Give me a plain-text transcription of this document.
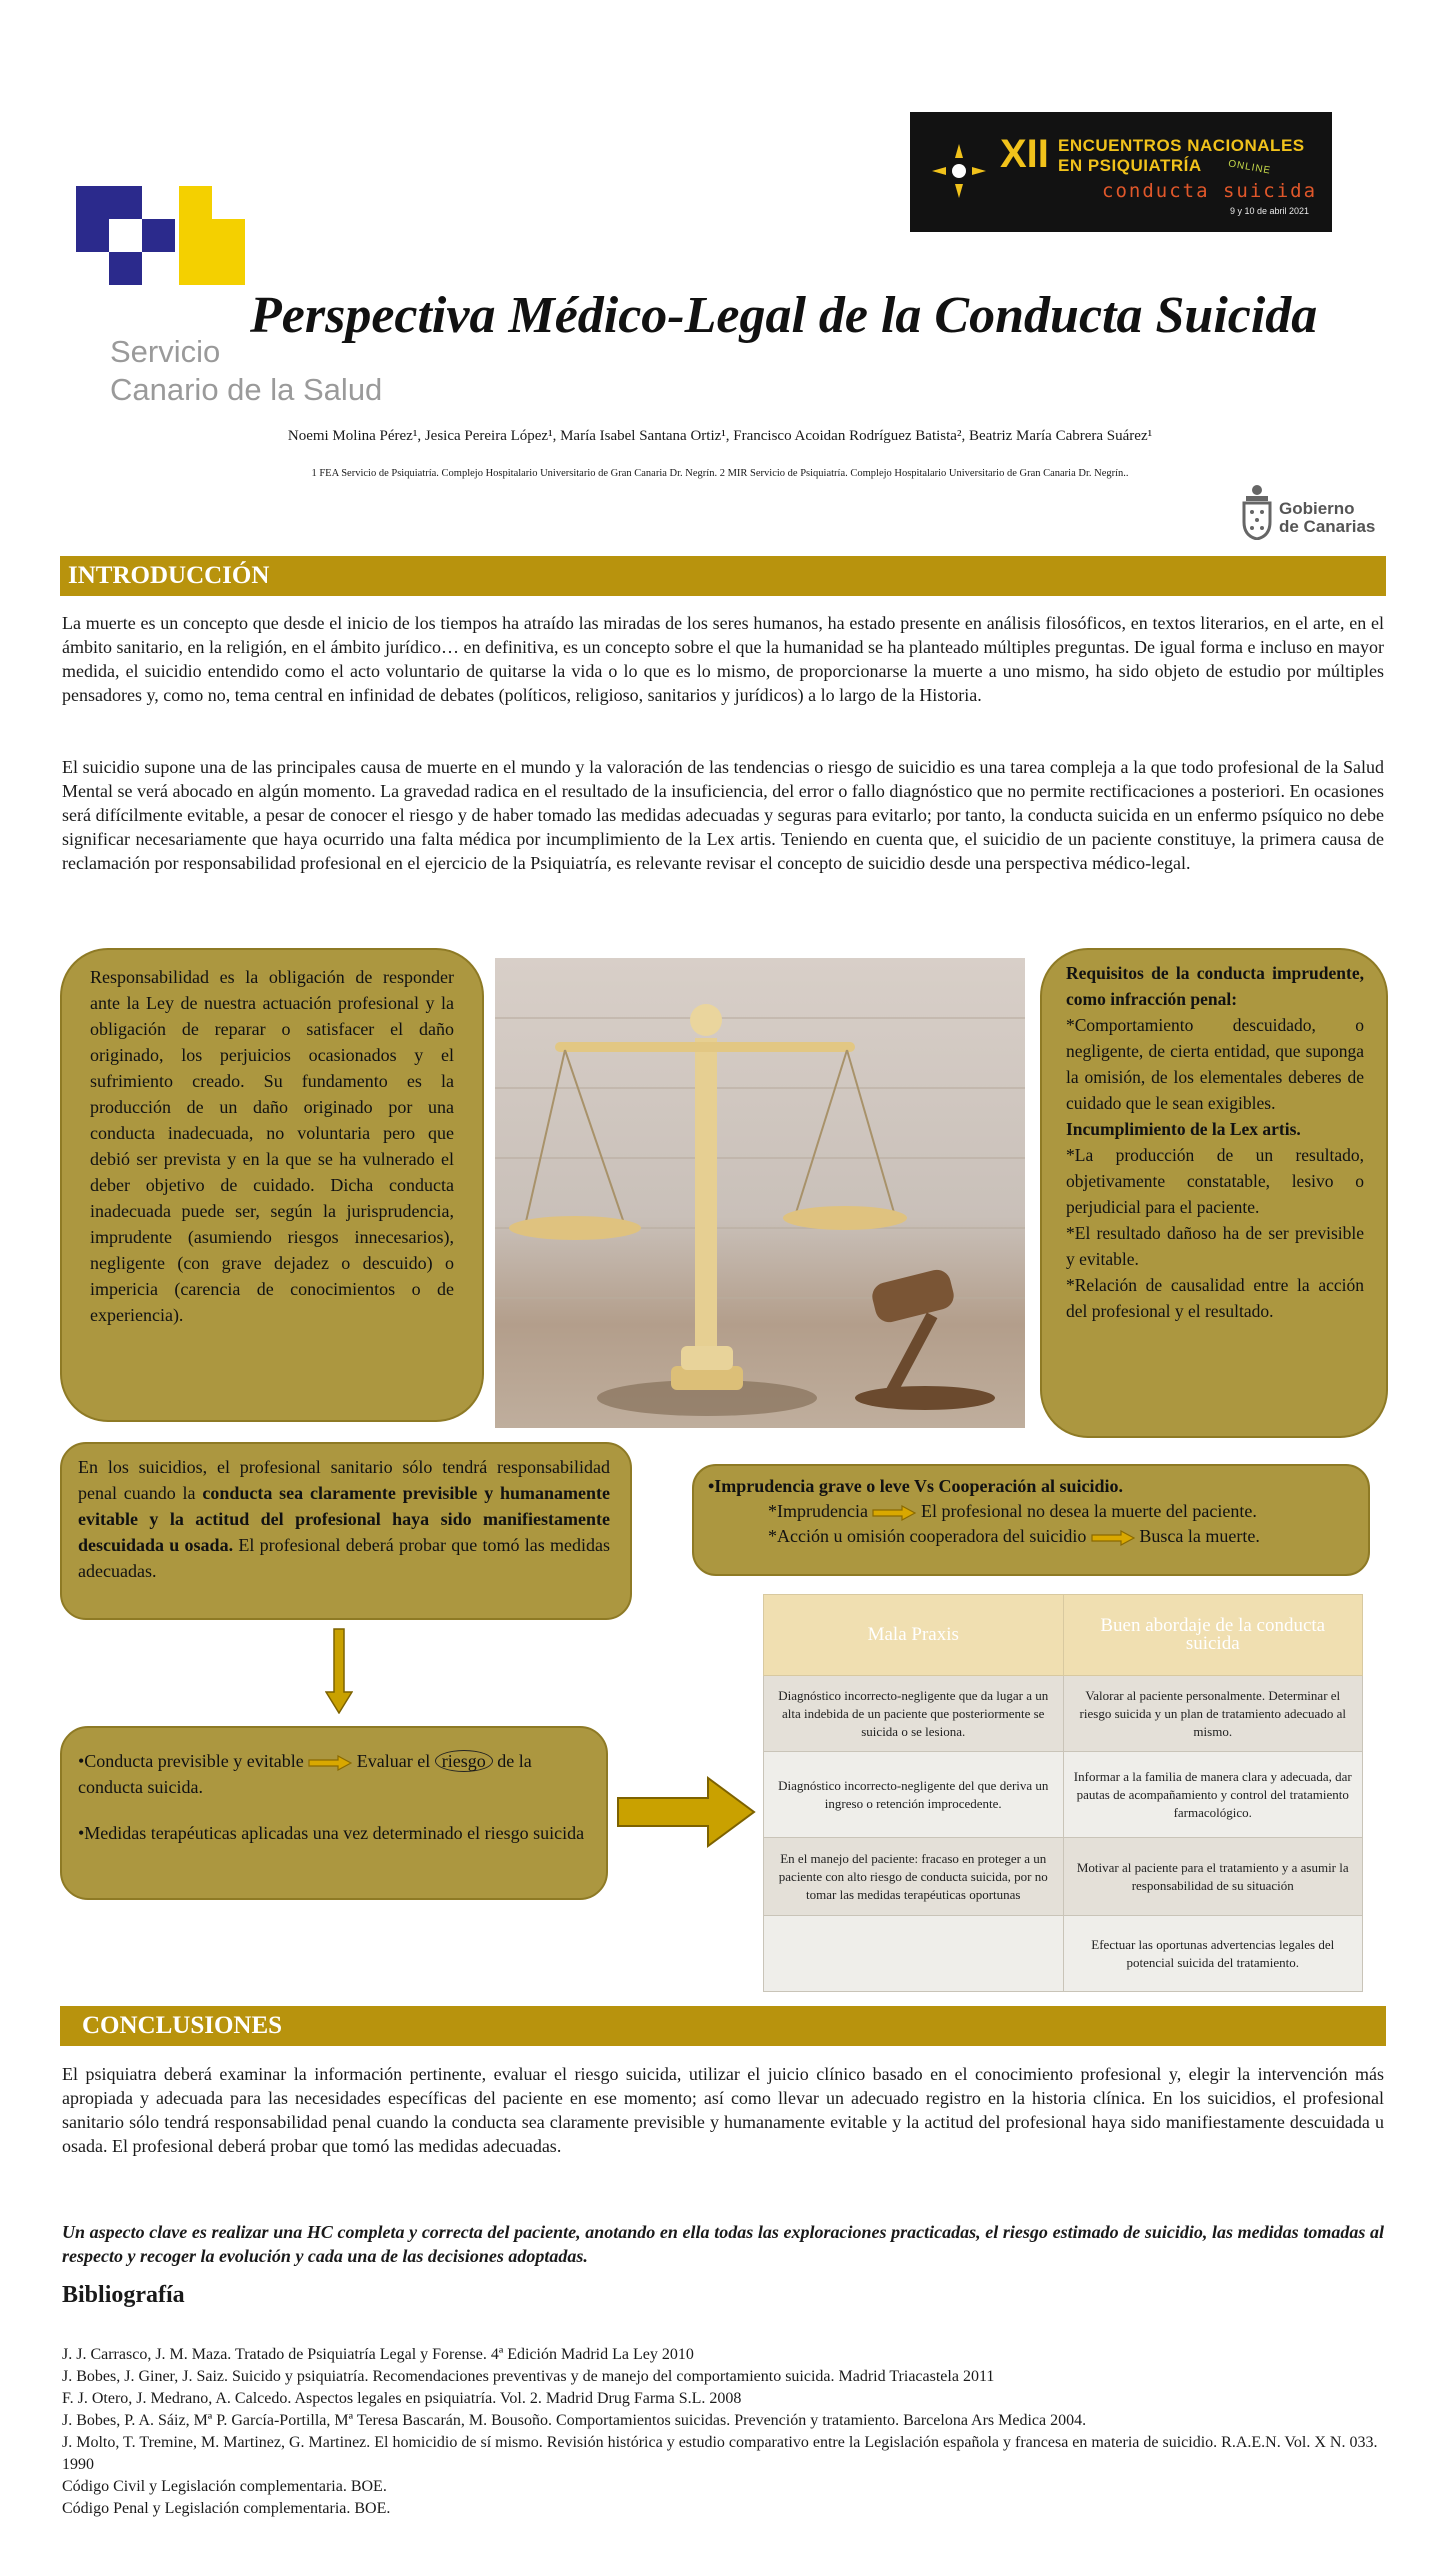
Servicio
Canario de la Salud
XII ENCUENTROS NACIONALES
EN PSIQUIATRÍA	ONLINE
conducta suicida
9 y 10 de abril 2021
Perspectiva Médico-Legal de la Conducta Suicida
Noemi Molina Pérez¹, Jesica Pereira López¹, María Isabel Santana Ortiz¹, Francisco Acoidan Rodríguez Batista², Beatriz María Cabrera Suárez¹
1 FEA Servicio de Psiquiatría. Complejo Hospitalario Universitario de Gran Canaria Dr. Negrín. 2 MIR Servicio de Psiquiatría. Complejo Hospitalario Universitario de Gran Canaria Dr. Negrín..
Gobierno
de Canarias
INTRODUCCIÓN
La muerte es un concepto que desde el inicio de los tiempos ha atraído las miradas de los seres humanos, ha estado presente en análisis filosóficos, en textos literarios, en el arte, en el ámbito sanitario, en la religión, en el ámbito jurídico… en definitiva, es un concepto sobre el que la humanidad se ha planteado múltiples preguntas. De igual forma e incluso en mayor medida, el suicidio entendido como el acto voluntario de quitarse la vida o lo que es lo mismo, de proporcionarse la muerte a uno mismo, ha sido objeto de estudio por múltiples pensadores y, como no, tema central en infinidad de debates (políticos, religioso, sanitarios y jurídicos) a lo largo de la Historia.
El suicidio supone una de las principales causa de muerte en el mundo y la valoración de las tendencias o riesgo de suicidio es una tarea compleja a la que todo profesional de la Salud Mental se verá abocado en algún momento. La gravedad radica en el resultado de la insuficiencia, del error o fallo diagnóstico que no permite rectificaciones a posteriori. En ocasiones será difícilmente evitable, a pesar de conocer el riesgo y de haber tomado las medidas adecuadas y seguras para evitarlo; por tanto, la conducta suicida en un enfermo psíquico no debe significar necesariamente que haya ocurrido una falta médica por incumplimiento de la Lex artis. Teniendo en cuenta que, el suicidio de un paciente constituye, la primera causa de reclamación por responsabilidad profesional en el ejercicio de la Psiquiatría, es relevante revisar el concepto de suicidio desde una perspectiva médico-legal.

Responsabilidad es la obligación de responder ante la Ley de nuestra actuación profesional y la obligación de reparar o satisfacer el daño originado, los perjuicios ocasionados y el sufrimiento creado. Su fundamento es la producción de un daño originado por una conducta inadecuada, no voluntaria pero que debió ser prevista y en la que se ha vulnerado el deber objetivo de cuidado. Dicha conducta inadecuada puede ser, según la jurisprudencia, imprudente (asumiendo riesgos innecesarios), negligente (con grave dejadez o descuido) o impericia (carencia de conocimientos o de experiencia).

Requisitos de la conducta imprudente, como infracción penal:

*Comportamiento descuidado, o negligente, de cierta entidad, que suponga la omisión, de los elementales deberes de cuidado que le sean exigibles.

Incumplimiento de la Lex artis.

*La producción de un resultado, objetivamente constatable, lesivo o perjudicial para el paciente.

*El resultado dañoso ha de ser previsible y evitable.

*Relación de causalidad entre la acción del profesional y el resultado.

En los suicidios, el profesional sanitario sólo tendrá responsabilidad penal cuando la conducta sea claramente previsible y humanamente evitable y la actitud del profesional haya sido manifiestamente descuidada u osada. El profesional deberá probar que tomó las medidas adecuadas.

•Imprudencia grave o leve Vs Cooperación al suicidio.
*Imprudencia	El profesional no desea la muerte del paciente.
*Acción u omisión cooperadora del suicidio	Busca la muerte.
•Conducta previsible y evitable	Evaluar el riesgo de la conducta suicida.
•Medidas terapéuticas aplicadas una vez determinado el riesgo suicida
Mala Praxis	Buen abordaje de la conducta suicida
Diagnóstico incorrecto-negligente que da lugar a un alta indebida de un paciente que posteriormente se suicida o se lesiona.	Valorar al paciente personalmente. Determinar el riesgo suicida y un plan de tratamiento adecuado al mismo.
Diagnóstico incorrecto-negligente del que deriva un ingreso o retención improcedente.	Informar a la familia de manera clara y adecuada, dar pautas de acompañamiento y control del tratamiento farmacológico.
En el manejo del paciente: fracaso en proteger a un paciente con alto riesgo de conducta suicida, por no tomar las medidas terapéuticas oportunas	Motivar al paciente para el tratamiento y a asumir la responsabilidad de su situación
	Efectuar las oportunas advertencias legales del potencial suicida del tratamiento.
CONCLUSIONES
El psiquiatra deberá examinar la información pertinente, evaluar el riesgo suicida, utilizar el juicio clínico basado en el conocimiento profesional y, elegir la intervención más apropiada y adecuada para las necesidades específicas del paciente en ese momento; así como llevar un adecuado registro en la historia clínica. En los suicidios, el profesional sanitario sólo tendrá responsabilidad penal cuando la conducta sea claramente previsible y humanamente evitable y la actitud del profesional haya sido manifiestamente descuidada u osada. El profesional deberá probar que tomó las medidas adecuadas.
Un aspecto clave es realizar una HC completa y correcta del paciente, anotando en ella todas las exploraciones practicadas, el riesgo estimado de suicidio, las medidas tomadas al respecto y recoger la evolución y cada una de las decisiones adoptadas.
Bibliografía
J. J. Carrasco, J. M. Maza. Tratado de Psiquiatría Legal y Forense. 4ª Edición Madrid La Ley 2010
J. Bobes, J. Giner, J. Saiz. Suicido y psiquiatría. Recomendaciones preventivas y de manejo del comportamiento suicida. Madrid Triacastela 2011
F. J. Otero, J. Medrano, A. Calcedo. Aspectos legales en psiquiatría. Vol. 2. Madrid Drug Farma S.L. 2008
J. Bobes, P. A. Sáiz, Mª P. García-Portilla, Mª Teresa Bascarán, M. Bousoño. Comportamientos suicidas. Prevención y tratamiento. Barcelona Ars Medica 2004.
J. Molto, T. Tremine, M. Martinez, G. Martinez. El homicidio de sí mismo. Revisión histórica y estudio comparativo entre la Legislación española y francesa en materia de suicidio. R.A.E.N. Vol. X N. 033. 1990
Código Civil y Legislación complementaria. BOE.
Código Penal y Legislación complementaria. BOE.
